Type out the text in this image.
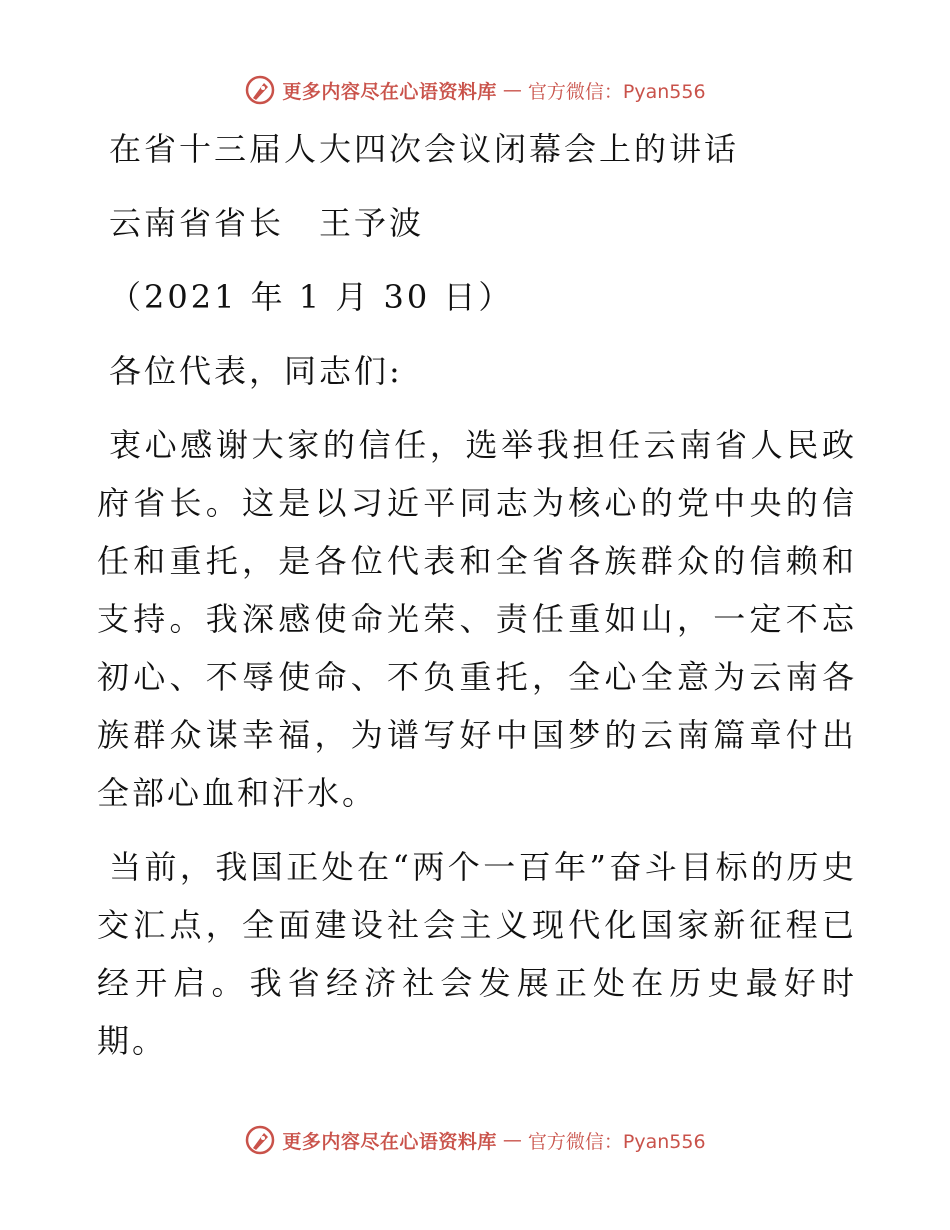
更多内容尽在心语资料库 — 官方微信：Pyan556

在省十三届人大四次会议闭幕会上的讲话

云南省省长　王予波

（2021 年 1 月 30 日）

各位代表，同志们:

衷心感谢大家的信任，选举我担任云南省人民政府省长。这是以习近平同志为核心的党中央的信任和重托，是各位代表和全省各族群众的信赖和支持。我深感使命光荣、责任重如山，一定不忘初心、不辱使命、不负重托，全心全意为云南各族群众谋幸福，为谱写好中国梦的云南篇章付出全部心血和汗水。

当前，我国正处在“两个一百年”奋斗目标的历史交汇点，全面建设社会主义现代化国家新征程已经开启。我省经济社会发展正处在历史最好时期。

更多内容尽在心语资料库 — 官方微信：Pyan556
